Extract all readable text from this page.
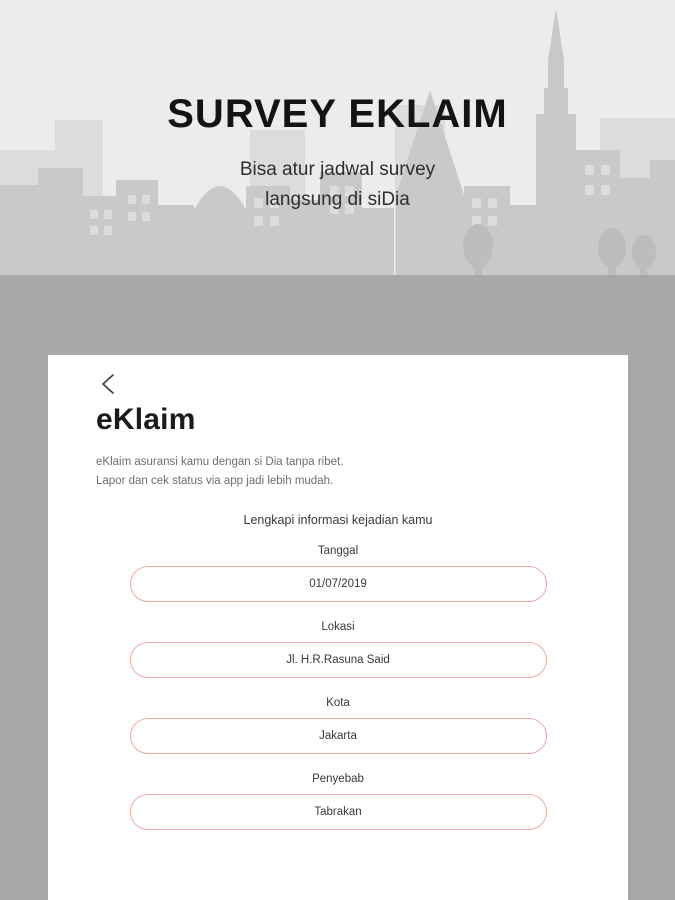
SURVEY EKLAIM
Bisa atur jadwal survey
langsung di siDia
eKlaim
eKlaim asuransi kamu dengan si Dia tanpa ribet.
Lapor dan cek status via app jadi lebih mudah.
Lengkapi informasi kejadian kamu
Tanggal
01/07/2019
Lokasi
Jl. H.R.Rasuna Said
Kota
Jakarta
Penyebab
Tabrakan
